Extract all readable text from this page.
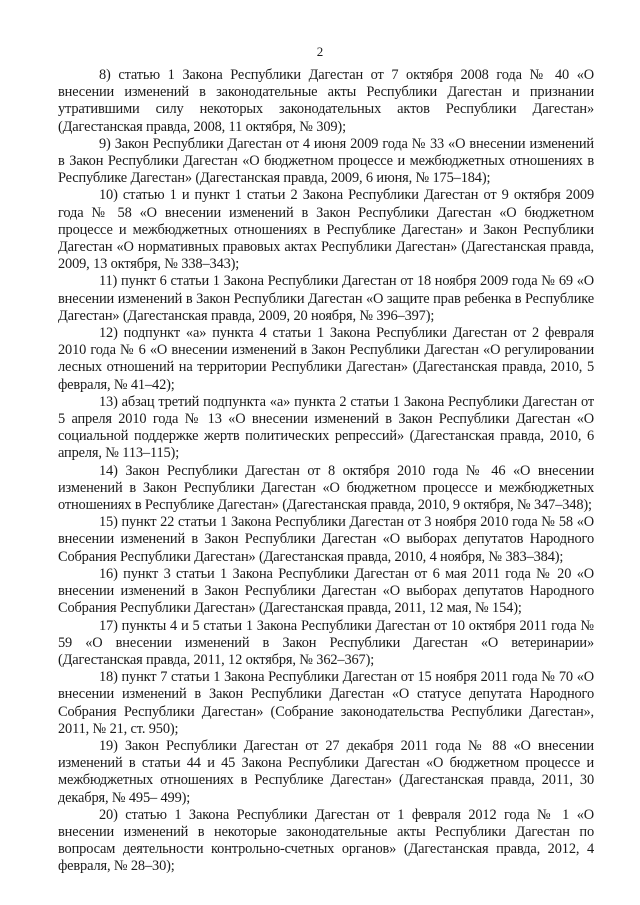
2

8) статью 1 Закона Республики Дагестан от 7 октября 2008 года № 40 «О внесении изменений в законодательные акты Республики Дагестан и признании утратившими силу некоторых законодательных актов Республики Дагестан» (Дагестанская правда, 2008, 11 октября, № 309);

9) Закон Республики Дагестан от 4 июня 2009 года № 33 «О внесении изменений в Закон Республики Дагестан «О бюджетном процессе и межбюджетных отношениях в Республике Дагестан» (Дагестанская правда, 2009, 6 июня, № 175–184);

10) статью 1 и пункт 1 статьи 2 Закона Республики Дагестан от 9 октября 2009 года № 58 «О внесении изменений в Закон Республики Дагестан «О бюджетном процессе и межбюджетных отношениях в Республике Дагестан» и Закон Республики Дагестан «О нормативных правовых актах Республики Дагестан» (Дагестанская правда, 2009, 13 октября, № 338–343);

11) пункт 6 статьи 1 Закона Республики Дагестан от 18 ноября 2009 года № 69 «О внесении изменений в Закон Республики Дагестан «О защите прав ребенка в Республике Дагестан» (Дагестанская правда, 2009, 20 ноября, № 396–397);

12) подпункт «а» пункта 4 статьи 1 Закона Республики Дагестан от 2 февраля 2010 года № 6 «О внесении изменений в Закон Республики Дагестан «О регулировании лесных отношений на территории Республики Дагестан» (Дагестанская правда, 2010, 5 февраля, № 41–42);

13) абзац третий подпункта «а» пункта 2 статьи 1 Закона Республики Дагестан от 5 апреля 2010 года № 13 «О внесении изменений в Закон Республики Дагестан «О социальной поддержке жертв политических репрессий» (Дагестанская правда, 2010, 6 апреля, № 113–115);

14) Закон Республики Дагестан от 8 октября 2010 года № 46 «О внесении изменений в Закон Республики Дагестан «О бюджетном процессе и межбюджетных отношениях в Республике Дагестан» (Дагестанская правда, 2010, 9 октября, № 347–348);

15) пункт 22 статьи 1 Закона Республики Дагестан от 3 ноября 2010 года № 58 «О внесении изменений в Закон Республики Дагестан «О выборах депутатов Народного Собрания Республики Дагестан» (Дагестанская правда, 2010, 4 ноября, № 383–384);

16) пункт 3 статьи 1 Закона Республики Дагестан от 6 мая 2011 года № 20 «О внесении изменений в Закон Республики Дагестан «О выборах депутатов Народного Собрания Республики Дагестан» (Дагестанская правда, 2011, 12 мая, № 154);

17) пункты 4 и 5 статьи 1 Закона Республики Дагестан от 10 октября 2011 года № 59 «О внесении изменений в Закон Республики Дагестан «О ветеринарии» (Дагестанская правда, 2011, 12 октября, № 362–367);

18) пункт 7 статьи 1 Закона Республики Дагестан от 15 ноября 2011 года № 70 «О внесении изменений в Закон Республики Дагестан «О статусе депутата Народного Собрания Республики Дагестан» (Собрание законодательства Республики Дагестан», 2011, № 21, ст. 950);

19) Закон Республики Дагестан от 27 декабря 2011 года № 88 «О внесении изменений в статьи 44 и 45 Закона Республики Дагестан «О бюджетном процессе и межбюджетных отношениях в Республике Дагестан» (Дагестанская правда, 2011, 30 декабря, № 495– 499);

20) статью 1 Закона Республики Дагестан от 1 февраля 2012 года № 1 «О внесении изменений в некоторые законодательные акты Республики Дагестан по вопросам деятельности контрольно-счетных органов» (Дагестанская правда, 2012, 4 февраля, № 28–30);
